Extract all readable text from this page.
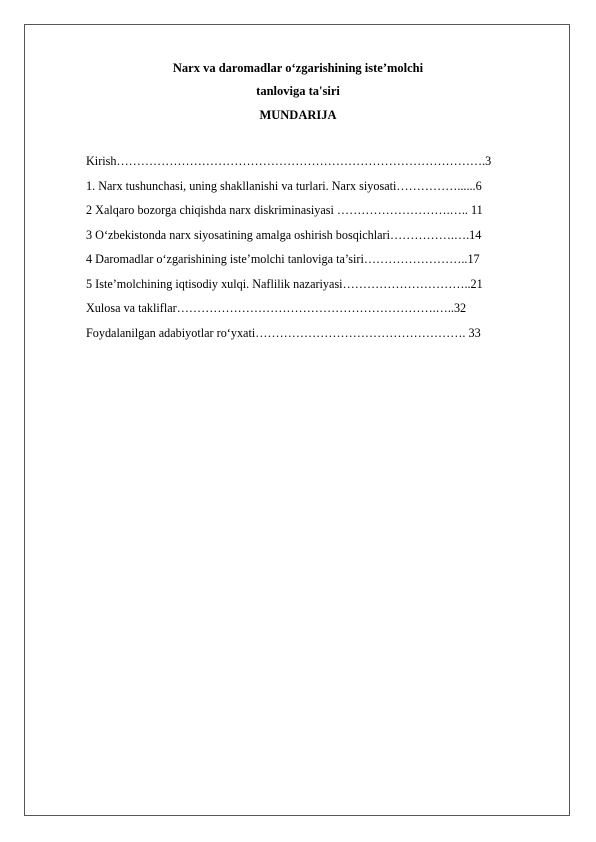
Narx va daromadlar o‘zgarishining iste’molchi
tanloviga ta'siri
MUNDARIJA
Kirish……………………………………………………………………………….3
1. Narx tushunchasi, uning shakllanishi va turlari. Narx siyosati……………......6
2 Xalqaro bozorga chiqishda narx diskriminasiyasi ……………………….….. 11
3 O‘zbekistonda narx siyosatining amalga oshirish bosqichlari…………….….14
4 Daromadlar o‘zgarishining iste’molchi tanloviga ta’siri……………………..17
5 Iste’molchining iqtisodiy xulqi. Naflilik nazariyasi…………………………..21
Xulosa va takliflar……………………………………………………….…..32
Foydalanilgan adabiyotlar ro‘yxati……………………………………………. 33
